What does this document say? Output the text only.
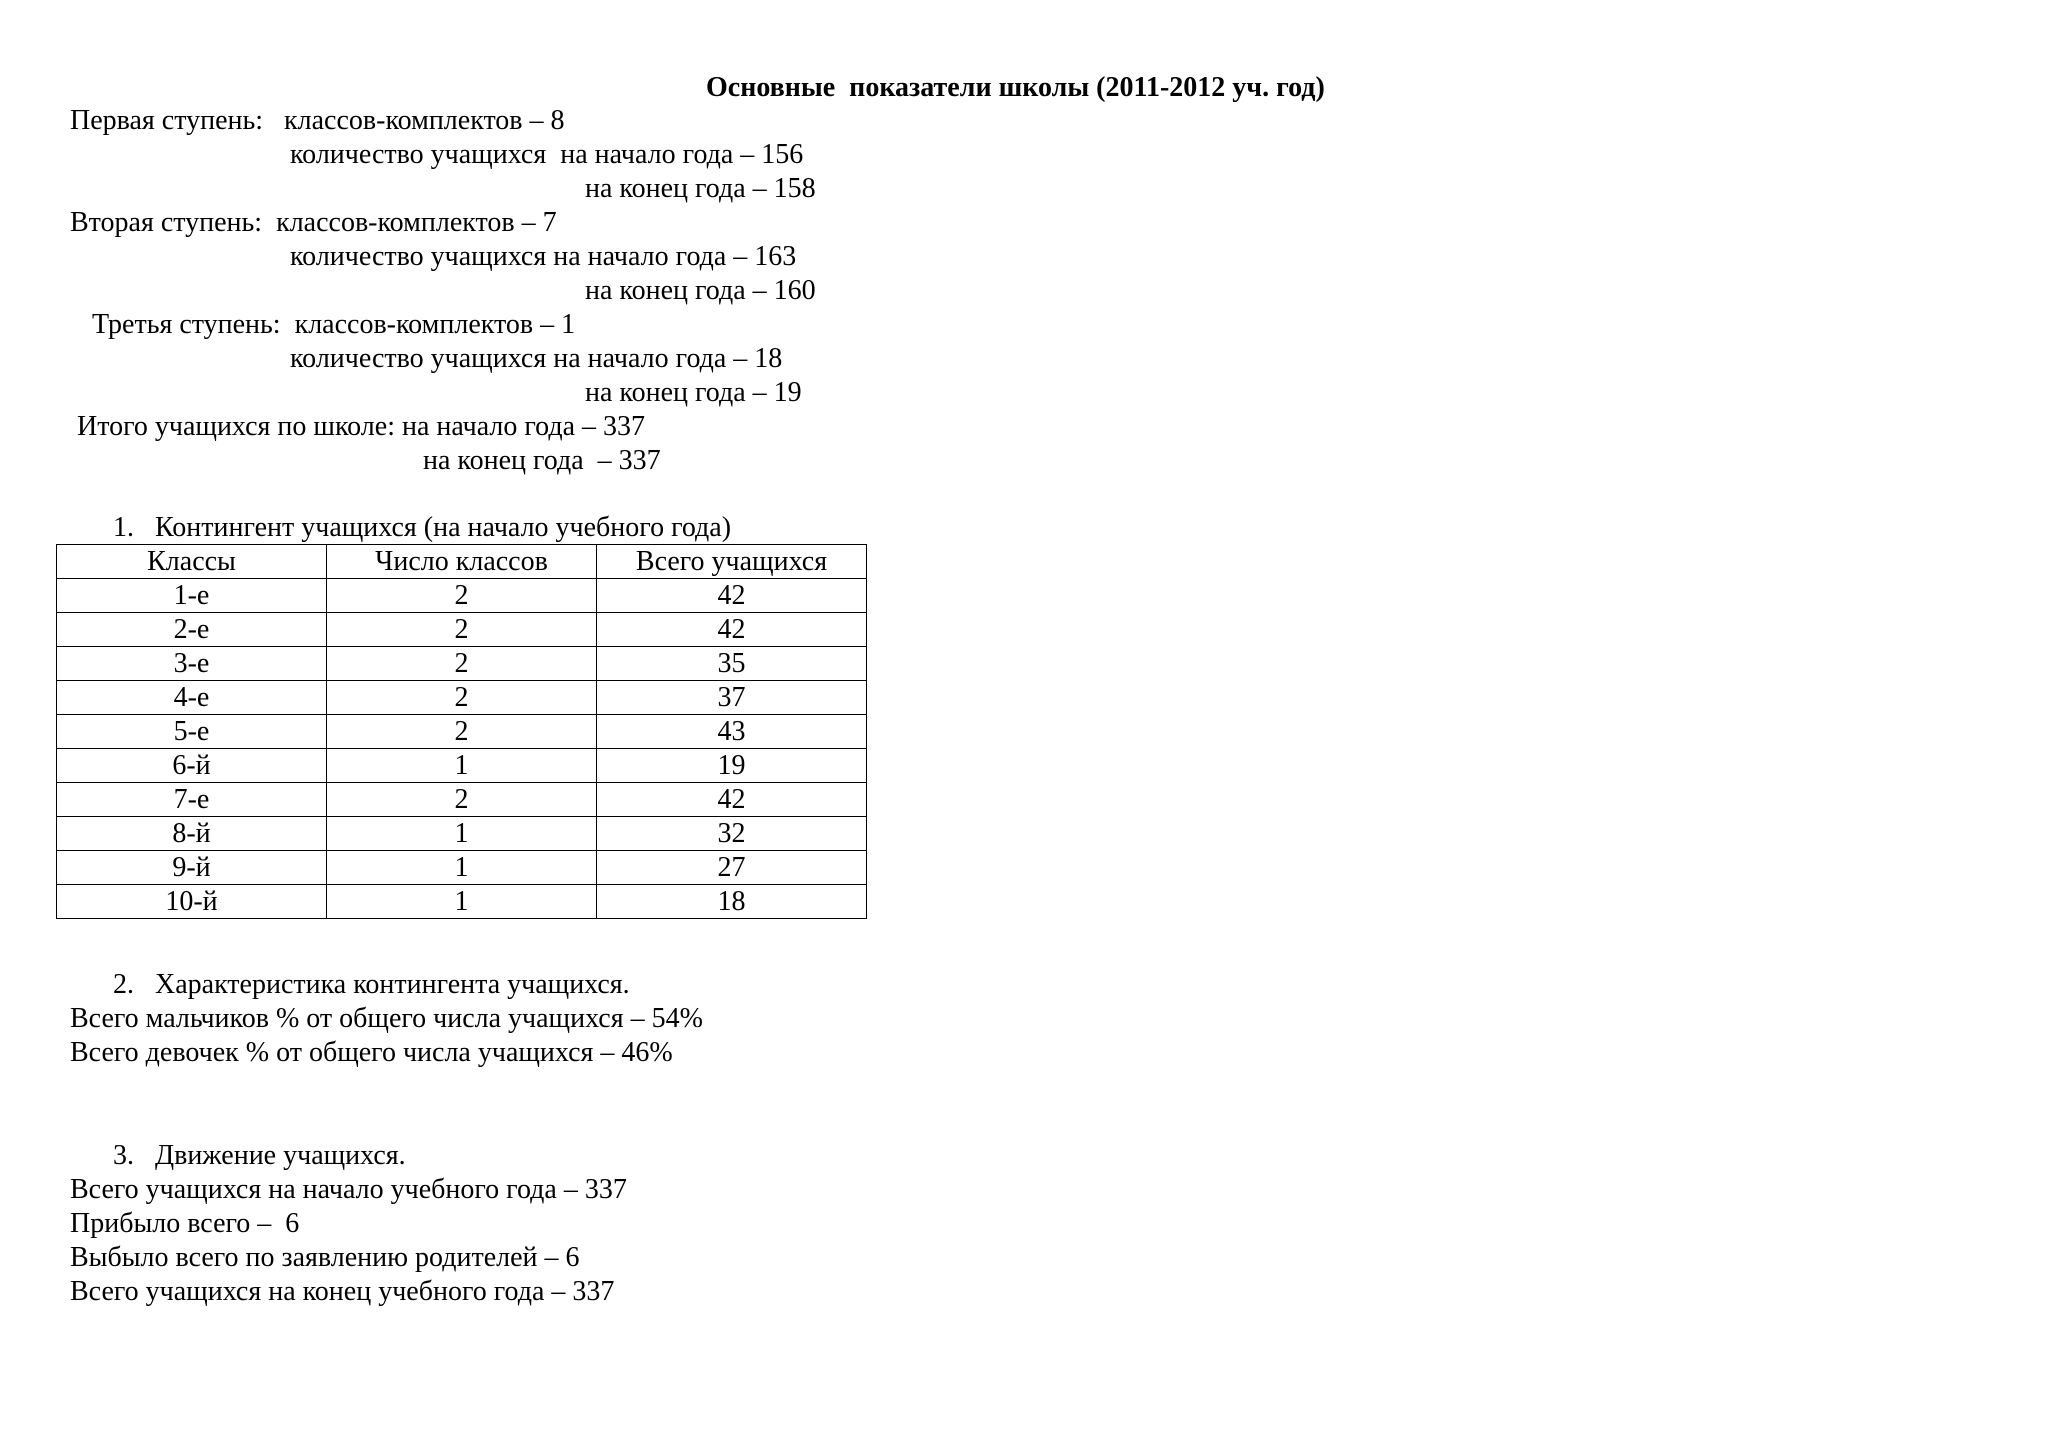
Основные  показатели школы (2011-2012 уч. год)
Первая ступень:   классов-комплектов – 8
количество учащихся  на начало года – 156
на конец года – 158
Вторая ступень:  классов-комплектов – 7
количество учащихся на начало года – 163
на конец года – 160
Третья ступень:  классов-комплектов – 1
количество учащихся на начало года – 18
на конец года – 19
Итого учащихся по школе: на начало года – 337
на конец года  – 337
1.   Контингент учащихся (на начало учебного года)
Классы	Число классов	Всего учащихся
1-е	2	42
2-е	2	42
3-е	2	35
4-е	2	37
5-е	2	43
6-й	1	19
7-е	2	42
8-й	1	32
9-й	1	27
10-й	1	18
2.   Характеристика контингента учащихся.
Всего мальчиков % от общего числа учащихся – 54%
Всего девочек % от общего числа учащихся – 46%
3.   Движение учащихся.
Всего учащихся на начало учебного года – 337
Прибыло всего –  6
Выбыло всего по заявлению родителей – 6
Всего учащихся на конец учебного года – 337
